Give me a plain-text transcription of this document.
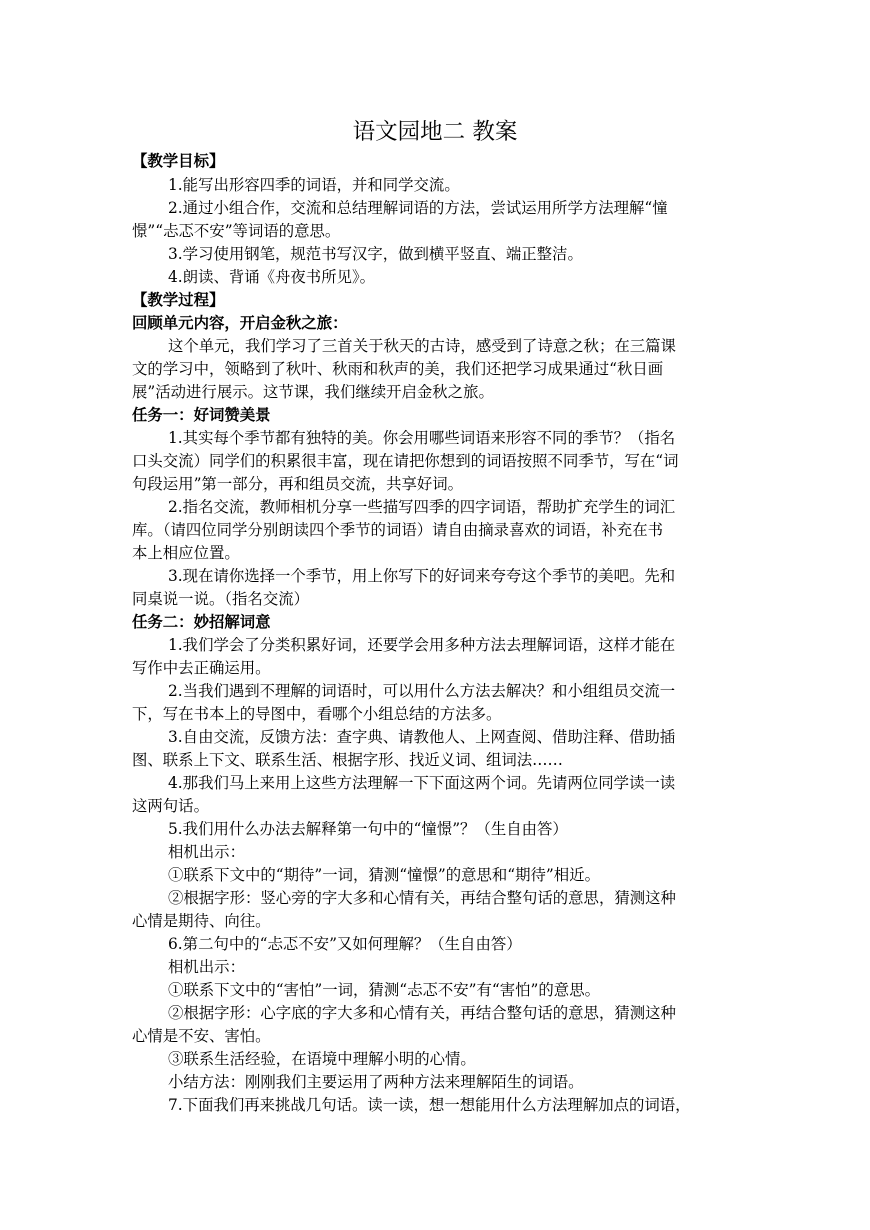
语文园地二 教案
【教学目标】
1.能写出形容四季的词语，并和同学交流。
2.通过小组合作，交流和总结理解词语的方法，尝试运用所学方法理解“憧
憬”“忐忑不安”等词语的意思。
3.学习使用钢笔，规范书写汉字，做到横平竖直、端正整洁。
4.朗读、背诵《舟夜书所见》。
【教学过程】
回顾单元内容，开启金秋之旅：
这个单元，我们学习了三首关于秋天的古诗，感受到了诗意之秋；在三篇课
文的学习中，领略到了秋叶、秋雨和秋声的美，我们还把学习成果通过“秋日画
展”活动进行展示。这节课，我们继续开启金秋之旅。
任务一：好词赞美景
1.其实每个季节都有独特的美。你会用哪些词语来形容不同的季节？（指名
口头交流）同学们的积累很丰富，现在请把你想到的词语按照不同季节，写在“词
句段运用”第一部分，再和组员交流，共享好词。
2.指名交流，教师相机分享一些描写四季的四字词语，帮助扩充学生的词汇
库。（请四位同学分别朗读四个季节的词语）请自由摘录喜欢的词语，补充在书
本上相应位置。
3.现在请你选择一个季节，用上你写下的好词来夸夸这个季节的美吧。先和
同桌说一说。（指名交流）
任务二：妙招解词意
1.我们学会了分类积累好词，还要学会用多种方法去理解词语，这样才能在
写作中去正确运用。
2.当我们遇到不理解的词语时，可以用什么方法去解决？和小组组员交流一
下，写在书本上的导图中，看哪个小组总结的方法多。
3.自由交流，反馈方法：查字典、请教他人、上网查阅、借助注释、借助插
图、联系上下文、联系生活、根据字形、找近义词、组词法……
4.那我们马上来用上这些方法理解一下下面这两个词。先请两位同学读一读
这两句话。
5.我们用什么办法去解释第一句中的“憧憬”？（生自由答）
相机出示：
①联系下文中的“期待”一词，猜测“憧憬”的意思和“期待”相近。
②根据字形：竖心旁的字大多和心情有关，再结合整句话的意思，猜测这种
心情是期待、向往。
6.第二句中的“忐忑不安”又如何理解？（生自由答）
相机出示：
①联系下文中的“害怕”一词，猜测“忐忑不安”有“害怕”的意思。
②根据字形：心字底的字大多和心情有关，再结合整句话的意思，猜测这种
心情是不安、害怕。
③联系生活经验，在语境中理解小明的心情。
小结方法：刚刚我们主要运用了两种方法来理解陌生的词语。
7.下面我们再来挑战几句话。读一读，想一想能用什么方法理解加点的词语，
